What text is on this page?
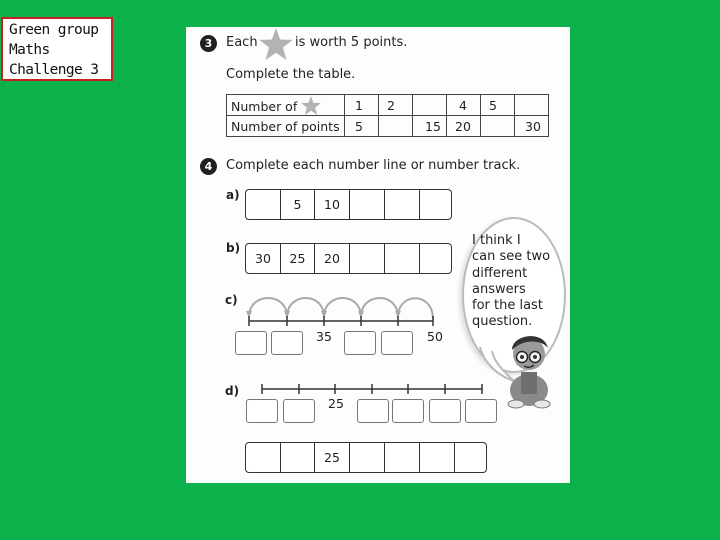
Green group
Maths
Challenge 3
3	Each	is worth 5 points.
Complete the table.
Number of	1	2		4	5	
Number of points	5		15	20		30
4	Complete each number line or number track.
a)
5	10
b)
30	25	20
c)
35	50
I think I
can see two
different
answers
for the last
question.
d)
25
25
